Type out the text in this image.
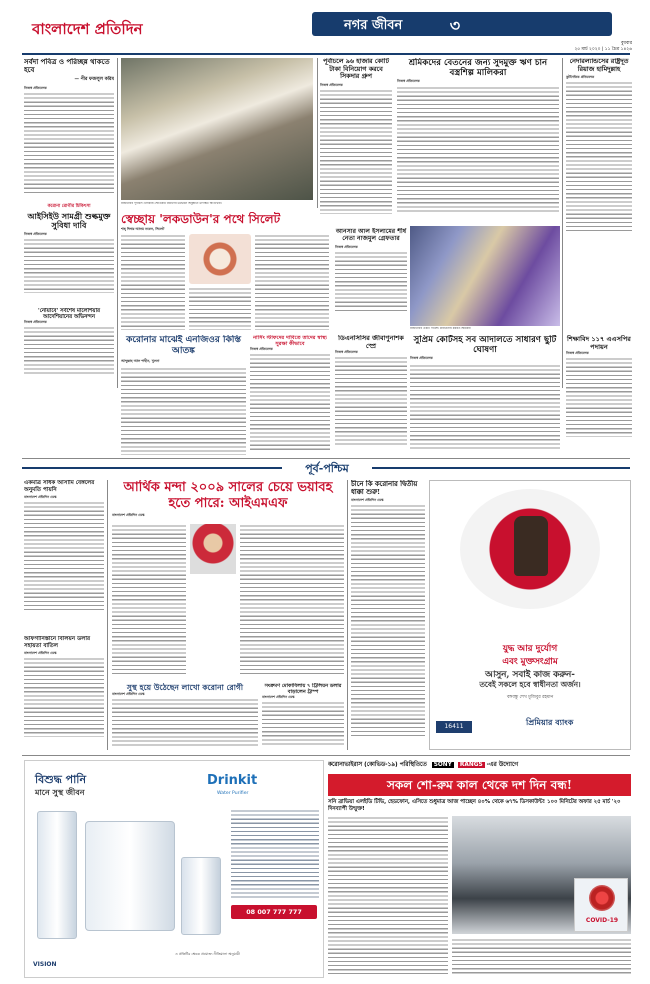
বাংলাদেশ প্রতিদিন	নগর জীবন	৩
বুধবার
২৫ মার্চ ২০২০ | ১১ চৈত্র ১৪২৬
সর্বদা পবিত্র ও পরিচ্ছন্ন থাকতে হবে
— পীর ফজলুল করিম
নিজস্ব প্রতিবেদক
করোনা রোগীর চিকিৎসা
আইসিইউ সামগ্রী শুল্কমুক্ত সুবিধা দাবি
নিজস্ব প্রতিবেদক
'নোয়াবে' সর্বশেষ মালেশিয়ার আদেশিয়ানের অভিনন্দন
নিজস্ব প্রতিবেদক
রাজধানীর পূর্বাচল এলাকায় স্টেডিয়াম নির্মাণের উদ্বোধন অনুষ্ঠানে উপস্থিত অতিথিরা।
স্বেচ্ছায় 'লকডাউন'র পথে সিলেট
শাহ্‌ দিদার আলম নবেল, সিলেট
করোনার মাঝেই এনজিওর কিস্তি আতঙ্ক
আব্দুল্লাহ আল শাহীন, খুলনা
নার্সিং স্টাফদের দাবিতে তাদের স্বাস্থ্য সুরক্ষা কীভাবে
নিজস্ব প্রতিবেদক
পূর্বাচলে ৯৬ হাজার কোটি টাকা বিনিয়োগ করবে সিকদার গ্রুপ
নিজস্ব প্রতিবেদক
শ্রমিকদের বেতনের জন্য সুদমুক্ত ঋণ চান বস্ত্রশিল্প মালিকরা
নিজস্ব প্রতিবেদক
নেদারল্যান্ডসের রাষ্ট্রদূত রিয়াজ হামিদুল্লাহ
কূটনৈতিক প্রতিবেদক
আনসার আল ইসলামের শীর্ষ নেতা নাজমুল গ্রেফতার
নিজস্ব প্রতিবেদক
রাজধানীর একটি গার্মেন্ট কারখানায় কর্মরত শ্রমিকরা
ডিএনসিসির জীবাণুনাশক স্প্রে
নিজস্ব প্রতিবেদক
সুপ্রিম কোর্টসহ সব আদালতে সাধারণ ছুটি ঘোষণা
নিজস্ব প্রতিবেদক
শিক্ষাবিদ ১১৭ এএসপির পদায়ন
নিজস্ব প্রতিবেদক
পূর্ব-পশ্চিম
একমাত্র সাধক আসামি বেঙ্গলের অনুমতি পায়নি
বাংলাদেশ প্রতিদিন ডেস্ক
আফগানিস্তানে বিলিয়ন ডলার সহায়তা বাতিল
বাংলাদেশ প্রতিদিন ডেস্ক
আর্থিক মন্দা ২০০৯ সালের চেয়ে ভয়াবহ হতে পারে: আইএমএফ
বাংলাদেশ প্রতিদিন ডেস্ক
সুস্থ হয়ে উঠেছেন লাখো করোনা রোগী
বাংলাদেশ প্রতিদিন ডেস্ক
সংক্রমণ মোকাবিলায় ৭ ট্রিলিয়ন ডলার বাড়ালেন ট্রাম্প
বাংলাদেশ প্রতিদিন ডেস্ক
চীনে কি করোনার দ্বিতীয় ধাক্কা শুরু!
বাংলাদেশ প্রতিদিন ডেস্ক
যুদ্ধ আর দুর্যোগ
এবং মুক্তসংগ্রাম
আসুন, সবাই কাজ করুন-
তবেই সকলে হবে স্বাধীনতা অর্জন।
বঙ্গবন্ধু শেখ মুজিবুর রহমান
16411	প্রিমিয়ার ব্যাংক
বিশুদ্ধ পানি
মানে সুস্থ জীবন
Drinkit
Water Purifier
08 007 777 777
এ প্রতিটির ক্ষেত্রে প্রযোজ্য নীতিমালা অনুযায়ী
VISION
করোনাভাইরাস (কোভিড-১৯) পরিস্থিতিতে SONY RANGS -এর উদ্যোগে
সকল শো-রুম কাল থেকে দশ দিন বন্ধ!
সনি ব্রাভিয়া এলইডি টিভি, হেডফোন, এসিতে শুধুমাত্র আজ পাচ্ছেন ৪০% থেকে ৬৭% ডিসকাউন্ট! ১০০ মিনিটের অফার ২৫ মার্চ '২০ দিনব্যাপী উন্মুক্ত!
COVID-19
